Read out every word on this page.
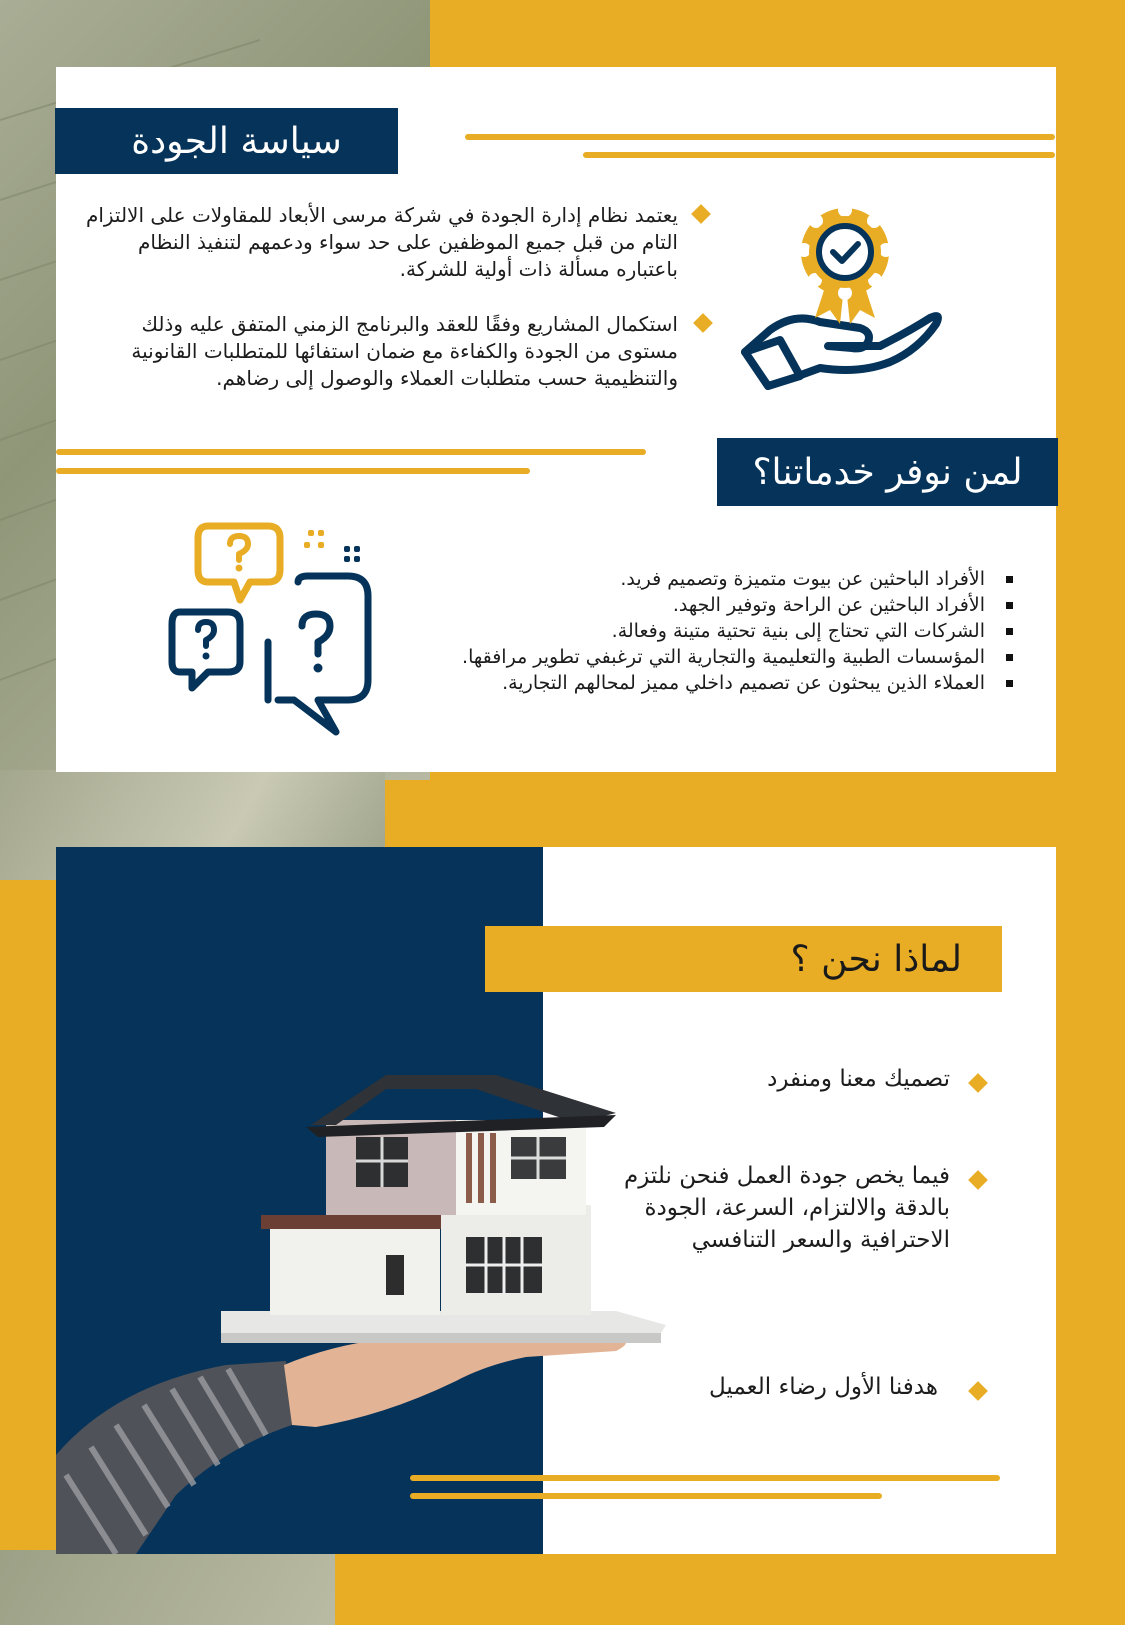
سياسة الجودة

يعتمد نظام إدارة الجودة في شركة مرسى الأبعاد للمقاولات على الالتزام التام من قبل جميع الموظفين على حد سواء ودعمهم لتنفيذ النظام باعتباره مسألة ذات أولية للشركة.

استكمال المشاريع وفقًا للعقد والبرنامج الزمني المتفق عليه وذلك مستوى من الجودة والكفاءة مع ضمان استفائها للمتطلبات القانونية والتنظيمية حسب متطلبات العملاء والوصول إلى رضاهم.

لمن نوفر خدماتنا؟
الأفراد الباحثين عن بيوت متميزة وتصميم فريد.
الأفراد الباحثين عن الراحة وتوفير الجهد.
الشركات التي تحتاج إلى بنية تحتية متينة وفعالة.
المؤسسات الطبية والتعليمية والتجارية التي ترغبفي تطوير مرافقها.
العملاء الذين يبحثون عن تصميم داخلي مميز لمحالهم التجارية.
لماذا نحن ؟

تصميك معنا ومنفرد

فيما يخص جودة العمل فنحن نلتزم بالدقة والالتزام، السرعة، الجودة الاحترافية والسعر التنافسي

هدفنا الأول رضاء العميل
